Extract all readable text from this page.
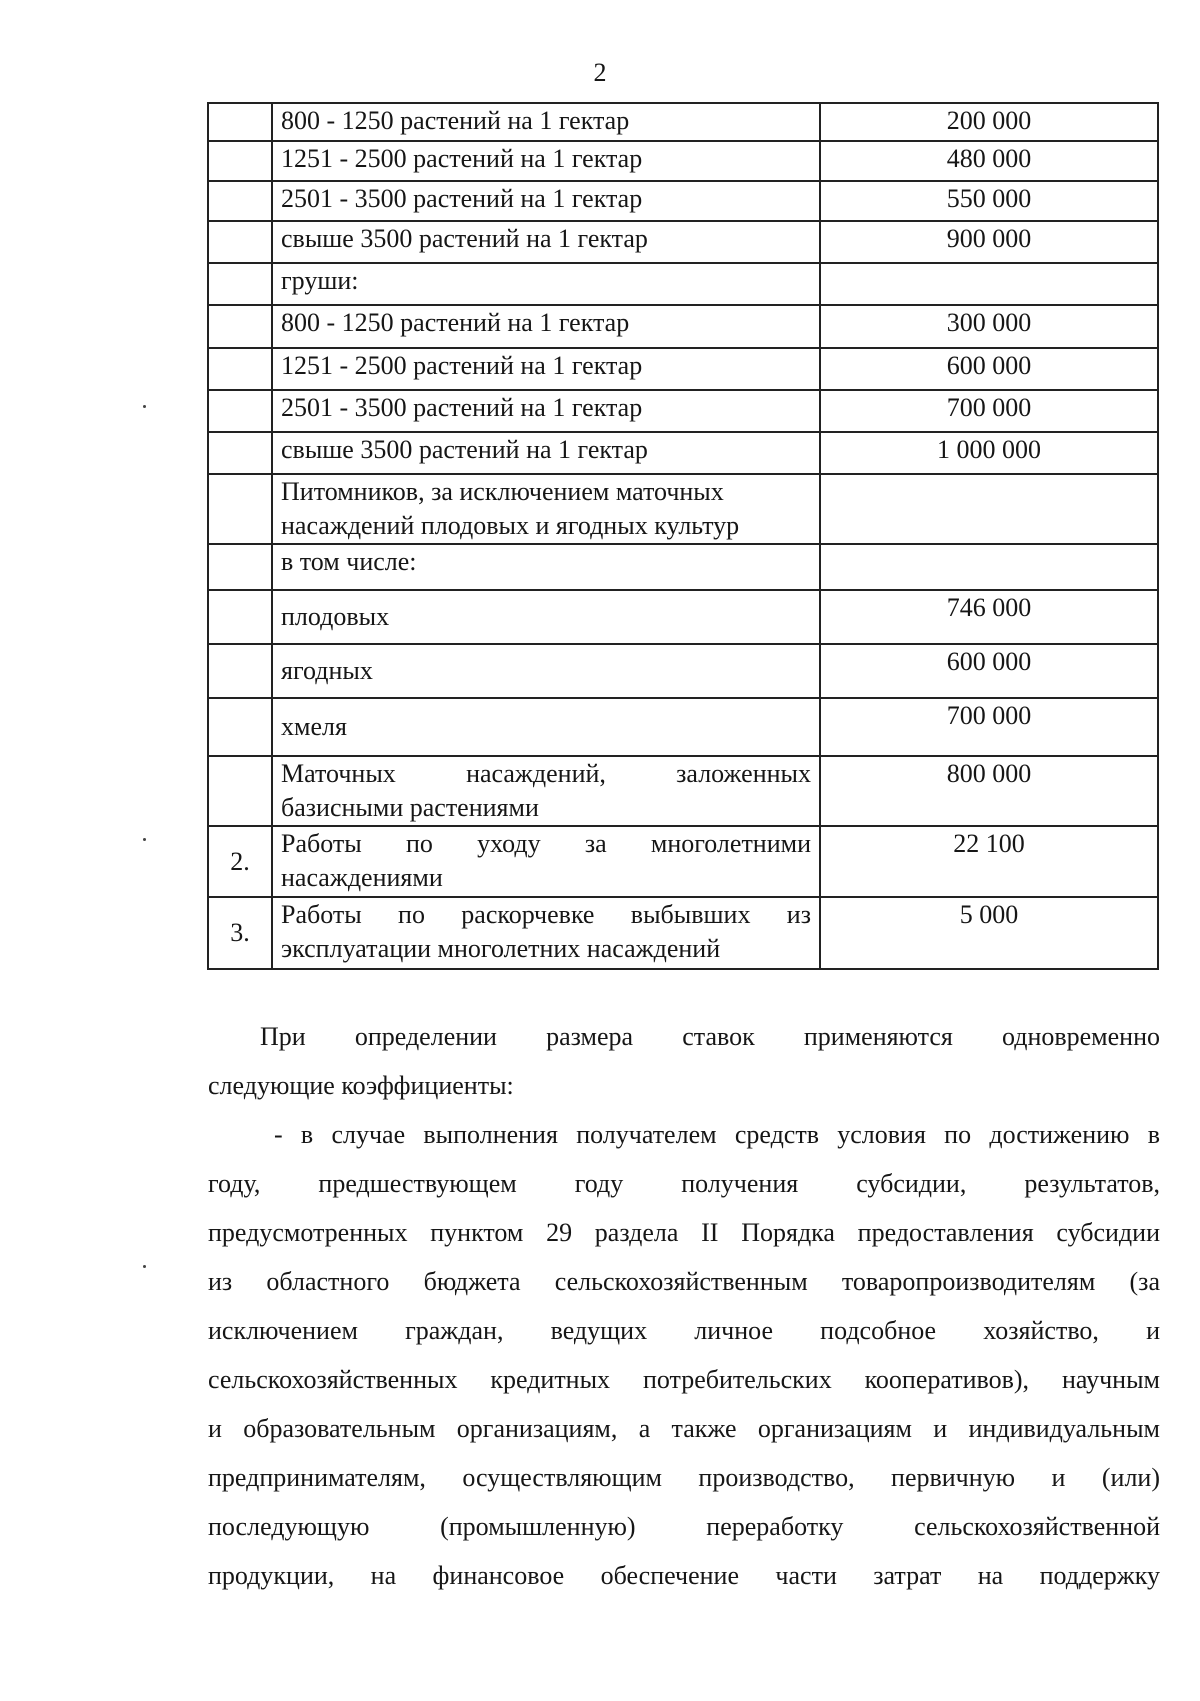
2
	800 - 1250 растений на 1 гектар	200 000
	1251 - 2500 растений на 1 гектар	480 000
	2501 - 3500 растений на 1 гектар	550 000
	свыше 3500 растений на 1 гектар	900 000
	груши:	
	800 - 1250 растений на 1 гектар	300 000
	1251 - 2500 растений на 1 гектар	600 000
	2501 - 3500 растений на 1 гектар	700 000
	свыше 3500 растений на 1 гектар	1 000 000
	Питомников, за исключением маточных насаждений плодовых и ягодных культур	
	в том числе:	
	плодовых	746 000
	ягодных	600 000
	хмеля	700 000

	Маточных насаждений, заложенных
базисными растениями	800 000
2.	Работы по уходу за многолетними
насаждениями	22 100
3.	Работы по раскорчевке выбывших из
эксплуатации многолетних насаждений	5 000

При определении размера ставок применяются одновременно

следующие коэффициенты:

- в случае выполнения получателем средств условия по достижению в

году, предшествующем году получения субсидии, результатов,

предусмотренных пунктом 29 раздела II Порядка предоставления субсидии

из областного бюджета сельскохозяйственным товаропроизводителям (за

исключением граждан, ведущих личное подсобное хозяйство, и

сельскохозяйственных кредитных потребительских кооперативов), научным

и образовательным организациям, а также организациям и индивидуальным

предпринимателям, осуществляющим производство, первичную и (или)

последующую (промышленную) переработку сельскохозяйственной

продукции, на финансовое обеспечение части затрат на поддержку
